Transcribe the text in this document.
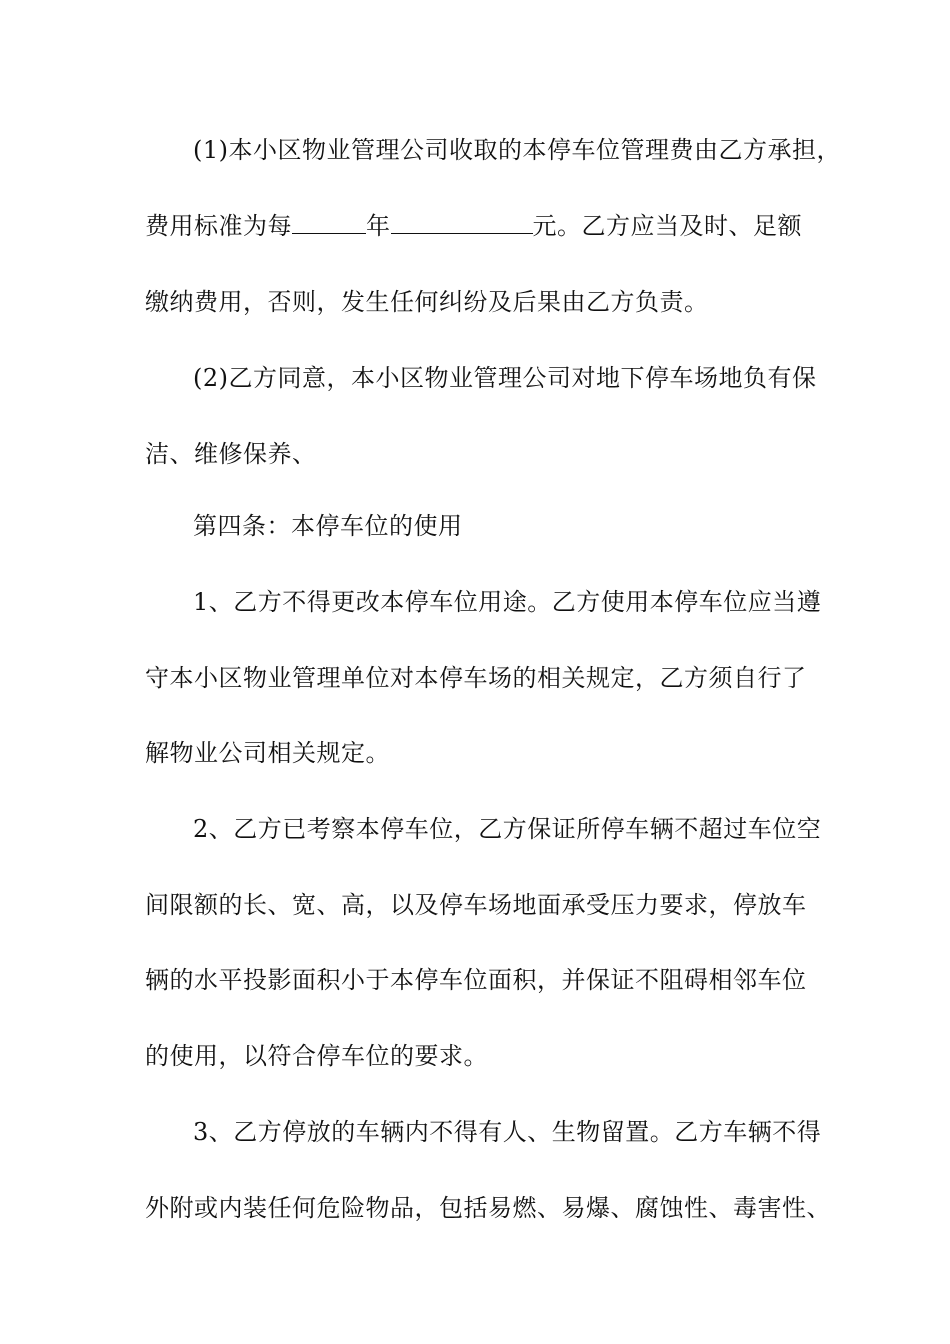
(1)本小区物业管理公司收取的本停车位管理费由乙方承担，
费用标准为每	年	元。乙方应当及时、足额
缴纳费用，否则，发生任何纠纷及后果由乙方负责。
(2)乙方同意，本小区物业管理公司对地下停车场地负有保
洁、维修保养、
第四条：本停车位的使用
1、乙方不得更改本停车位用途。乙方使用本停车位应当遵
守本小区物业管理单位对本停车场的相关规定，乙方须自行了
解物业公司相关规定。
2、乙方已考察本停车位，乙方保证所停车辆不超过车位空
间限额的长、宽、高，以及停车场地面承受压力要求，停放车
辆的水平投影面积小于本停车位面积，并保证不阻碍相邻车位
的使用，以符合停车位的要求。
3、乙方停放的车辆内不得有人、生物留置。乙方车辆不得
外附或内装任何危险物品，包括易燃、易爆、腐蚀性、毒害性、
